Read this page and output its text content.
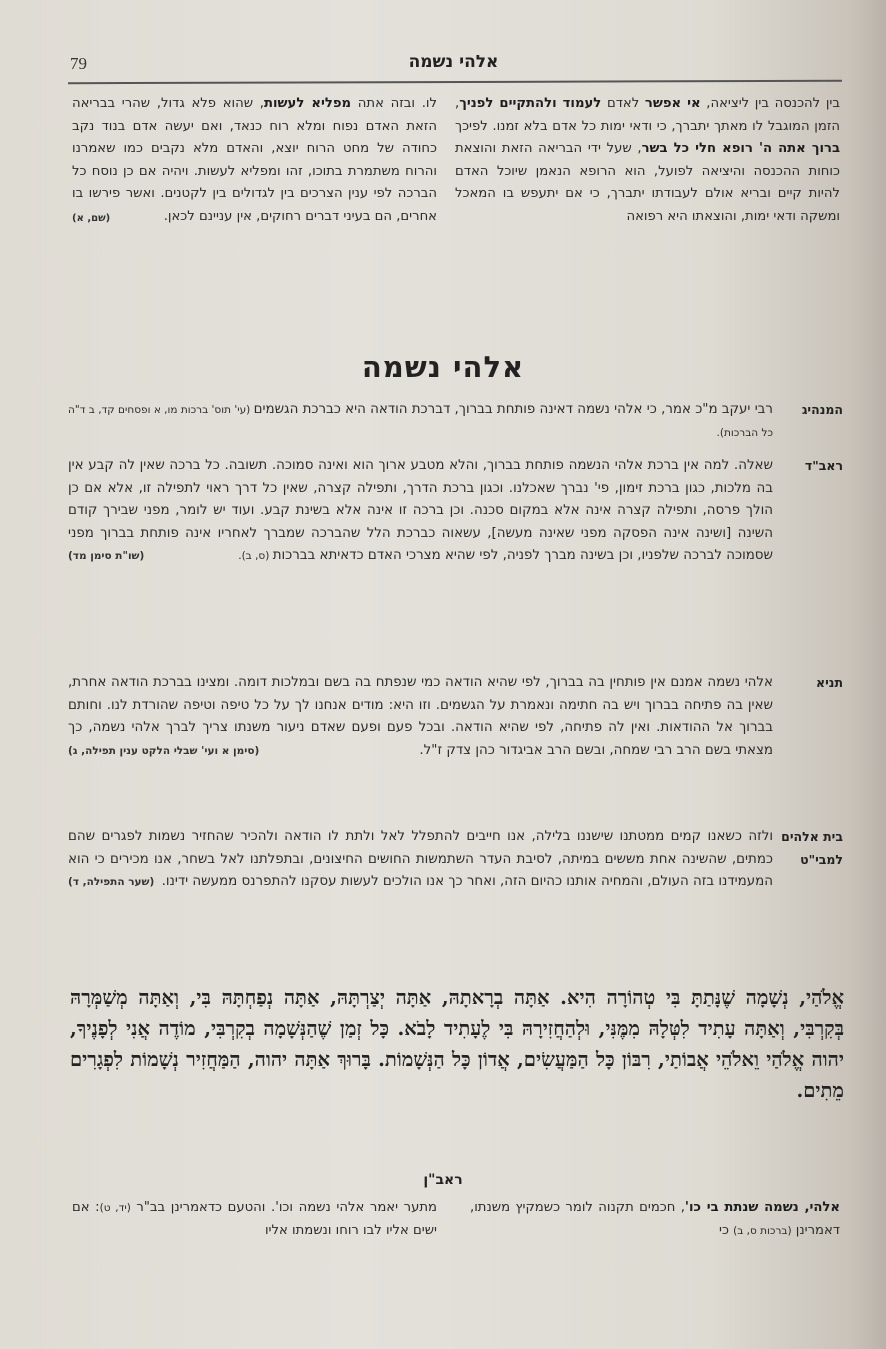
79	אלהי נשמה
בין להכנסה בין ליציאה, אי אפשר לאדם לעמוד ולהתקיים לפניך, הזמן המוגבל לו מאתך יתברך, כי ודאי ימות כל אדם בלא זמנו. לפיכך ברוך אתה ה' רופא חלי כל בשר, שעל ידי הבריאה הזאת והוצאת כוחות ההכנסה והיציאה לפועל, הוא הרופא הנאמן שיוכל האדם להיות קיים ובריא אולם לעבודתו יתברך, כי אם יתעפש בו המאכל ומשקה ודאי ימות, והוצאתו היא רפואה
לו. ובזה אתה מפליא לעשות, שהוא פלא גדול, שהרי בבריאה הזאת האדם נפוח ומלא רוח כנאד, ואם יעשה אדם בנוד נקב כחודה של מחט הרוח יוצא, והאדם מלא נקבים כמו שאמרנו והרוח משתמרת בתוכו, זהו ומפליא לעשות. ויהיה אם כן נוסח כל הברכה לפי ענין הצרכים בין לגדולים בין לקטנים. ואשר פירשו בו אחרים, הם בעיני דברים רחוקים, אין עניינם לכאן.
(שם, א)
אלהי נשמה
המנהיג
רבי יעקב מ"כ אמר, כי אלהי נשמה דאינה פותחת בברוך, דברכת הודאה היא כברכת הגשמים (עי' תוס' ברכות מו, א ופסחים קד, ב ד"ה כל הברכות).
ראב"ד
שאלה. למה אין ברכת אלהי הנשמה פותחת בברוך, והלא מטבע ארוך הוא ואינה סמוכה. תשובה. כל ברכה שאין לה קבע אין בה מלכות, כגון ברכת זימון, פי' נברך שאכלנו. וכגון ברכת הדרך, ותפילה קצרה, שאין כל דרך ראוי לתפילה זו, אלא אם כן הולך פרסה, ותפילה קצרה אינה אלא במקום סכנה. וכן ברכה זו אינה אלא בשינת קבע. ועוד יש לומר, מפני שבירך קודם השינה [ושינה אינה הפסקה מפני שאינה מעשה], עשאוה כברכת הלל שהברכה שמברך לאחריו אינה פותחת בברוך מפני שסמוכה לברכה שלפניו, וכן בשינה מברך לפניה, לפי שהיא מצרכי האדם כדאיתא בברכות (ס, ב).
(שו"ת סימן מד)
תניא
אלהי נשמה אמנם אין פותחין בה בברוך, לפי שהיא הודאה כמי שנפתח בה בשם ובמלכות דומה. ומצינו בברכת הודאה אחרת, שאין בה פתיחה בברוך ויש בה חתימה ונאמרת על הגשמים. וזו היא: מודים אנחנו לך על כל טיפה וטיפה שהורדת לנו. וחותם בברוך אל ההודאות. ואין לה פתיחה, לפי שהיא הודאה. ובכל פעם ופעם שאדם ניעור משנתו צריך לברך אלהי נשמה, כך מצאתי בשם הרב רבי שמחה, ובשם הרב אביגדור כהן צדק ז"ל.
(סימן א ועי' שבלי הלקט ענין תפילה, ג)
בית אלהים למבי"ט
ולזה כשאנו קמים ממטתנו שישננו בלילה, אנו חייבים להתפלל לאל ולתת לו הודאה ולהכיר שהחזיר נשמות לפגרים שהם כמתים, שהשינה אחת מששים במיתה, לסיבת העדר השתמשות החושים החיצונים, ובתפלתנו לאל בשחר, אנו מכירים כי הוא המעמידנו בזה העולם, והמחיה אותנו כהיום הזה, ואחר כך אנו הולכים לעשות עסקנו להתפרנס ממעשה ידינו.
(שער התפילה, ד)
אֱלֹהַי, נְשָׁמָה שֶׁנָּתַתָּ בִּי טְהוֹרָה הִיא. אַתָּה בְרָאתָהּ, אַתָּה יְצַרְתָּהּ, אַתָּה נְפַחְתָּהּ בִּי, וְאַתָּה מְשַׁמְּרָהּ בְּקִרְבִּי, וְאַתָּה עָתִיד לִטְּלָהּ מִמֶּנִּי, וּלְהַחֲזִירָהּ בִּי לֶעָתִיד לָבֹא. כָּל זְמַן שֶׁהַנְּשָׁמָה בְקִרְבִּי, מוֹדֶה אֲנִי לְפָנֶיךָ, יהוה אֱלֹהַי וֵאלֹהֵי אֲבוֹתַי, רִבּוֹן כָּל הַמַּעֲשִׂים, אֲדוֹן כָּל הַנְּשָׁמוֹת. בָּרוּךְ אַתָּה יהוה, הַמַּחֲזִיר נְשָׁמוֹת לִפְגָרִים מֵתִים.
ראב"ן
אלהי, נשמה שנתת בי כו', חכמים תקנוה לומר כשמקיץ משנתו, דאמרינן (ברכות ס, ב) כי
מתער יאמר אלהי נשמה וכו'. והטעם כדאמרינן בב"ר (יד, ט): אם ישים אליו לבו רוחו ונשמתו אליו
